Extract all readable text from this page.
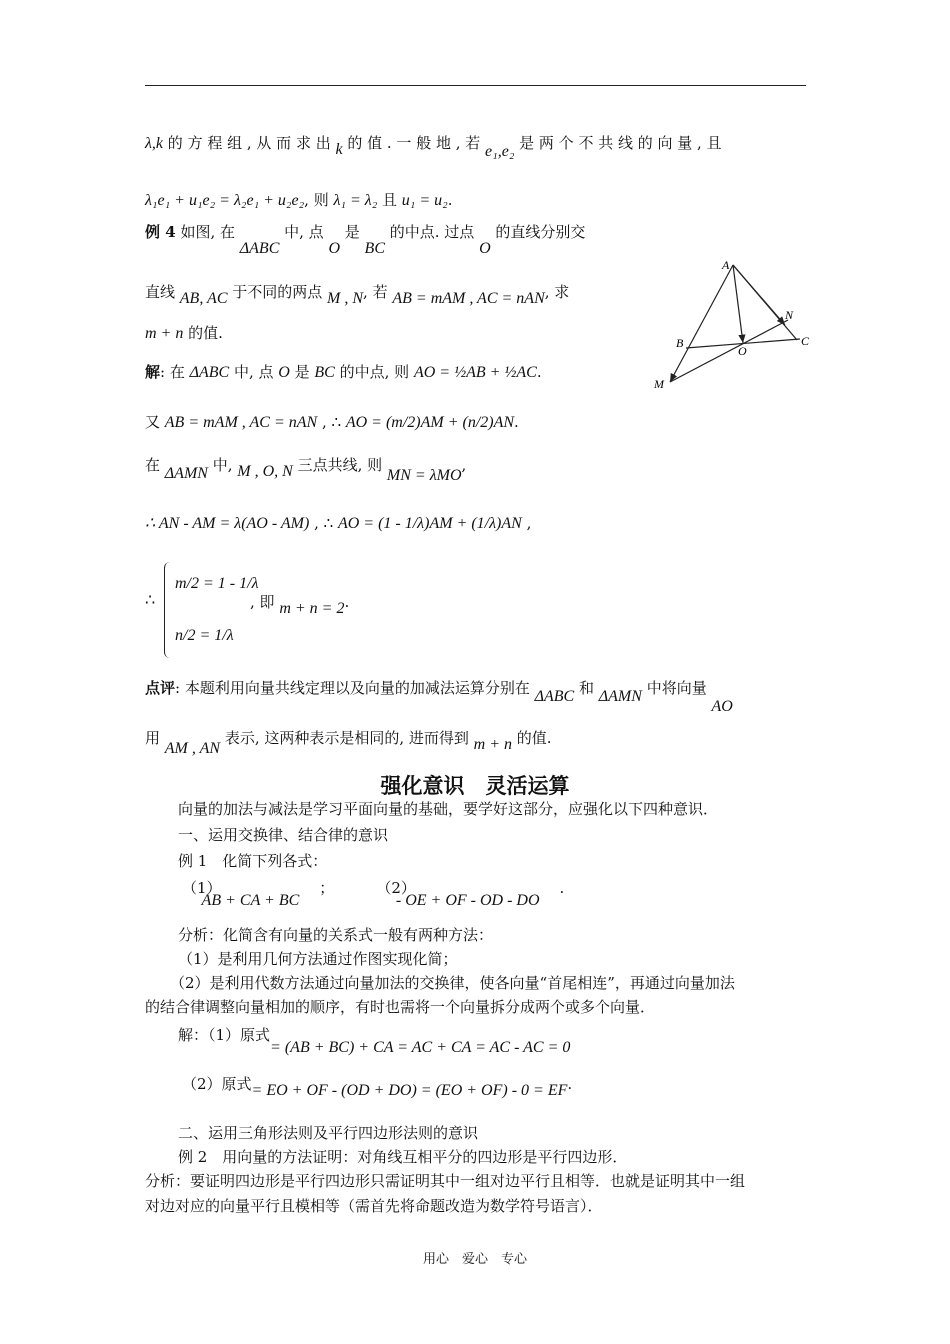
λ,k 的 方 程 组 , 从 而 求 出 k 的 值 . 一 般 地 , 若 e₁,e₂ 是 两 个 不 共 线 的 向 量 , 且
λ₁e₁ + u₁e₂ = λ₂e₁ + u₂e₂, 则 λ₁ = λ₂ 且 u₁ = u₂.
例 4 如图, 在 ΔABC 中, 点 O 是 BC 的中点. 过点 O 的直线分别交
直线 AB, AC 于不同的两点 M , N, 若 AB = mAM , AC = nAN, 求
m + n 的值.
解: 在 ΔABC 中, 点 O 是 BC 的中点, 则 AO = ½AB + ½AC.
又 AB = mAM , AC = nAN , ∴ AO = (m/2)AM + (n/2)AN.
在 ΔAMN 中, M , O, N 三点共线, 则 MN = λMO,
∴ AN - AM = λ(AO - AM) , ∴ AO = (1 - 1/λ)AM + (1/λ)AN ,
∴
m/2 = 1 - 1/λ
n/2 = 1/λ
, 即 m + n = 2.
点评: 本题利用向量共线定理以及向量的加减法运算分别在 ΔABC 和 ΔAMN 中将向量 AO
用 AM , AN 表示, 这两种表示是相同的, 进而得到 m + n 的值.
强化意识　灵活运算
向量的加法与减法是学习平面向量的基础，要学好这部分，应强化以下四种意识．
一、运用交换律、结合律的意识
例 1　化简下列各式：
（1）AB + CA + BC；	（2）- OE + OF - OD - DO.
分析：化简含有向量的关系式一般有两种方法：
（1）是利用几何方法通过作图实现化简；
（2）是利用代数方法通过向量加法的交换律，使各向量“首尾相连”，再通过向量加法
的结合律调整向量相加的顺序，有时也需将一个向量拆分成两个或多个向量．
解：（1）原式= (AB + BC) + CA = AC + CA = AC - AC = 0
（2）原式= EO + OF - (OD + DO) = (EO + OF) - 0 = EF.
二、运用三角形法则及平行四边形法则的意识
例 2　用向量的方法证明：对角线互相平分的四边形是平行四边形．
分析：要证明四边形是平行四边形只需证明其中一组对边平行且相等．也就是证明其中一组
对边对应的向量平行且模相等（需首先将命题改造为数学符号语言）．
用心　爱心　专心
A
B
O
N
C
M
